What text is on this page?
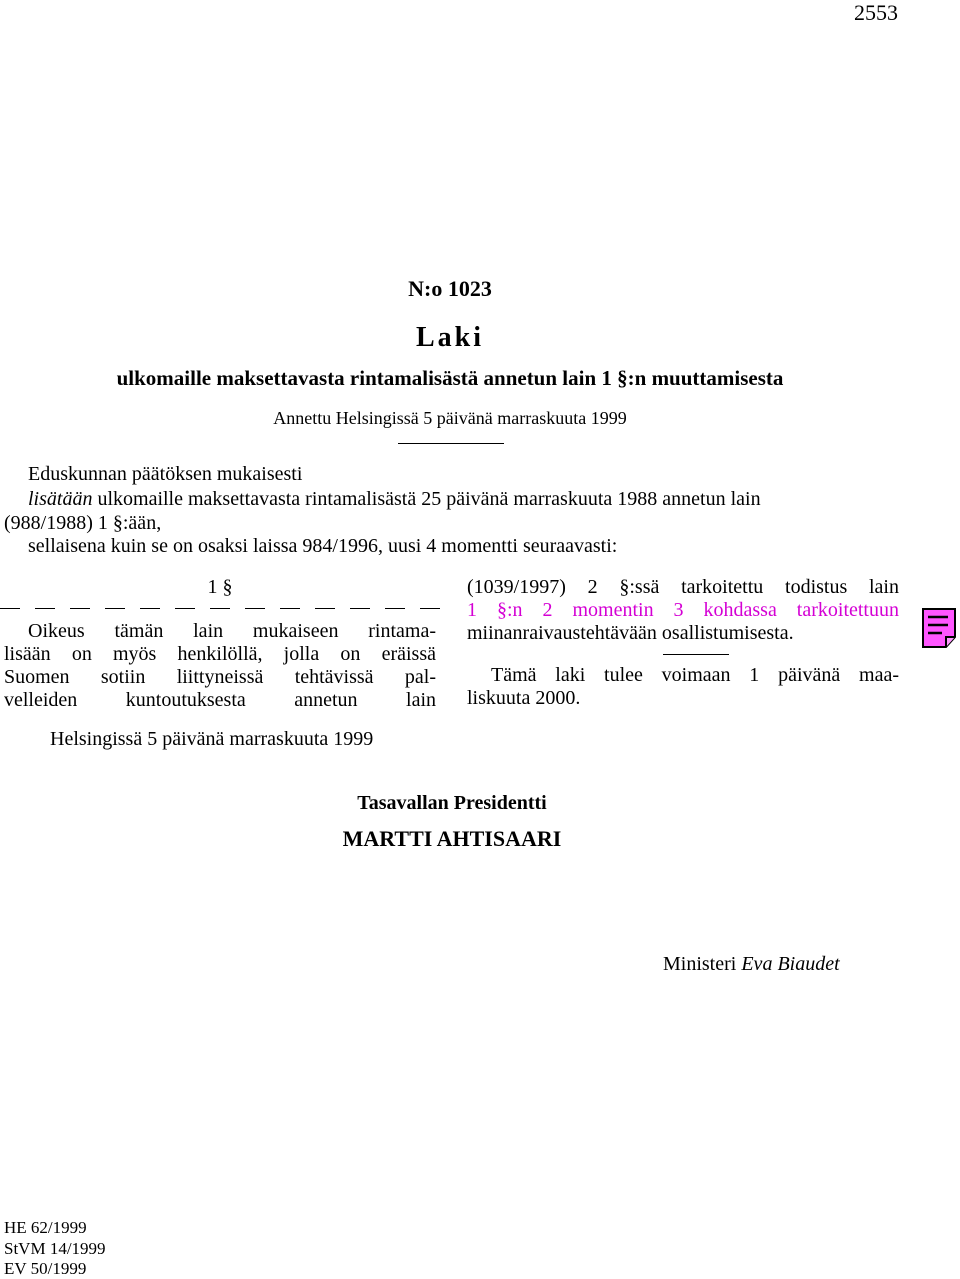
2553
N:o 1023
Laki
ulkomaille maksettavasta rintamalisästä annetun lain 1 §:n muuttamisesta
Annettu Helsingissä 5 päivänä marraskuuta 1999
Eduskunnan päätöksen mukaisesti
lisätään ulkomaille maksettavasta rintamalisästä 25 päivänä marraskuuta 1988 annetun lain
(988/1988) 1 §:ään,
sellaisena kuin se on osaksi laissa 984/1996, uusi 4 momentti seuraavasti:
1 §
Oikeus tämän lain mukaiseen rintama-
lisään on myös henkilöllä, jolla on eräissä
Suomen sotiin liittyneissä tehtävissä pal-
velleiden kuntoutuksesta annetun lain
(1039/1997) 2 §:ssä tarkoitettu todistus lain
1 §:n 2 momentin 3 kohdassa tarkoitettuun
miinanraivaustehtävään osallistumisesta.
Tämä laki tulee voimaan 1 päivänä maa-
liskuuta 2000.
Helsingissä 5 päivänä marraskuuta 1999
Tasavallan Presidentti
MARTTI AHTISAARI
Ministeri Eva Biaudet
HE 62/1999
StVM 14/1999
EV 50/1999
